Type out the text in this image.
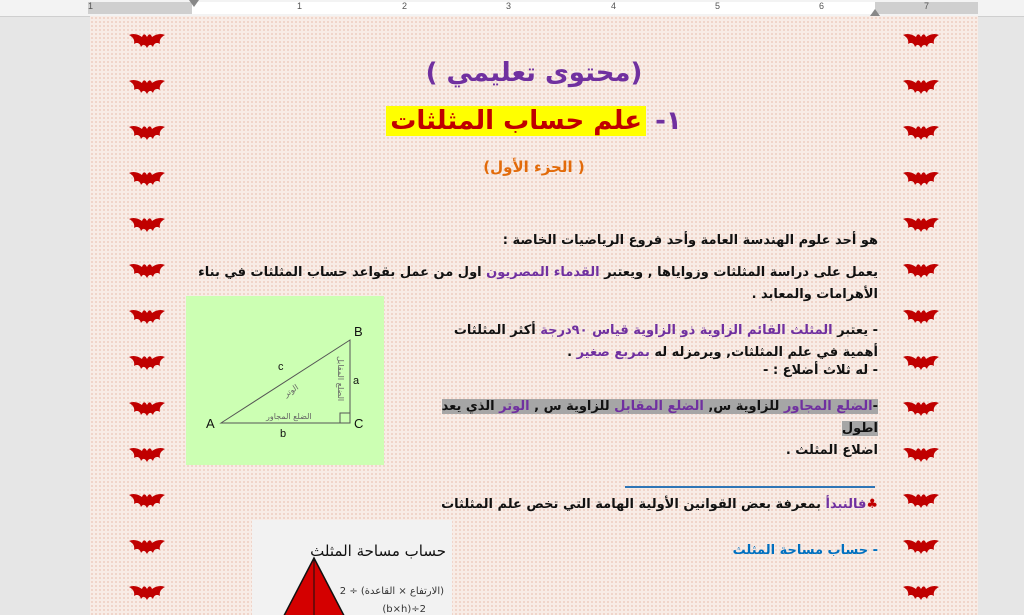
1	1	2	3	4	5	6	7
(محتوى تعليمي )
١- علم حساب المثلثات
( الجزء الأول)
هو أحد علوم الهندسة العامة وأحد فروع الرياضيات الخاصة :
يعمل على دراسة المثلثات وزواياها , ويعتبر القدماء المصريون اول من عمل بقواعد حساب المثلثات في بناء الأهرامات والمعابد .
- يعتبر المثلث القائم الزاوية ذو الزاوية قياس ٩٠درجة أكثر المثلثات أهمية في علم المثلثات, ويرمزله له بمربع صغير .
- له ثلاث أضلاع : -
-الضلع المجاور للزاوية س, الضلع المقابل للزاوية س , الوتر الذي يعد اطول
اضلاع المثلث .
B
C
A
a
b
c
الضلع المجاور
الوتر	الضلع المقابل
♣فالنبدأ بمعرفة بعض القوانين الأولية الهامة التي تخص علم المثلثات
- حساب مساحة المثلث
حساب مساحة المثلث
(الارتفاع × القاعدة) ÷ 2
(b×h)÷2
